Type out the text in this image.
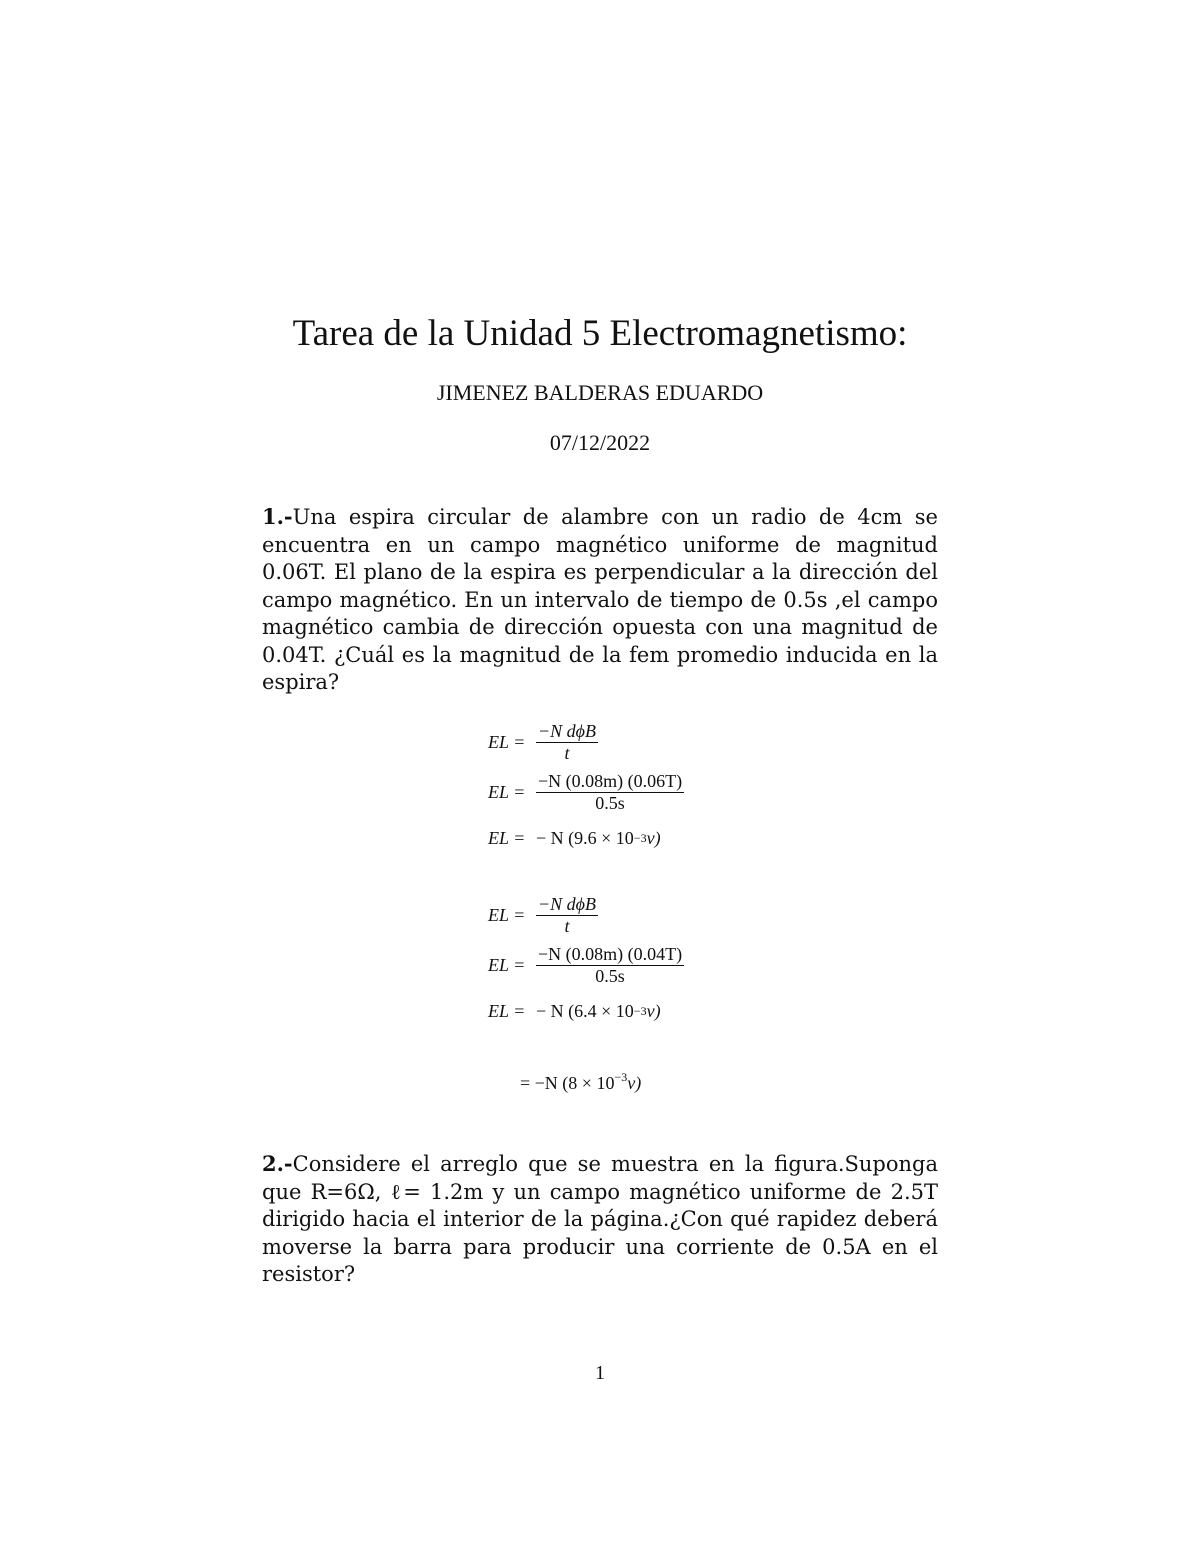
Tarea de la Unidad 5 Electromagnetismo:
JIMENEZ BALDERAS EDUARDO
07/12/2022
1.-Una espira circular de alambre con un radio de 4cm se encuentra en un campo magnético uniforme de magnitud 0.06T. El plano de la espira es perpendicular a la dirección del campo magnético. En un intervalo de tiempo de 0.5s ,el campo magnético cambia de dirección opuesta con una magnitud de 0.04T. ¿Cuál es la magnitud de la fem promedio inducida en la espira?
EL = $\frac{\text{−N dϕB}}{t}$
EL = $\frac{-N (0.08m) (0.06T)}{0.5s}$
EL = − N (9.6 × 10 −3 v)
EL = $\frac{\text{−N dϕB}}{t}$
EL = $\frac{-N (0.08m) (0.04T)}{0.5s}$
EL = − N (6.4 × 10 −3 v)
= −N $(8 \times 10^{-3}v)$
2.-Considere el arreglo que se muestra en la figura.Suponga que R=6Ω, ℓ= 1.2m y un campo magnético uniforme de 2.5T dirigido hacia el interior de la página.¿Con qué rapidez deberá moverse la barra para producir una corriente de 0.5A en el resistor?
1
